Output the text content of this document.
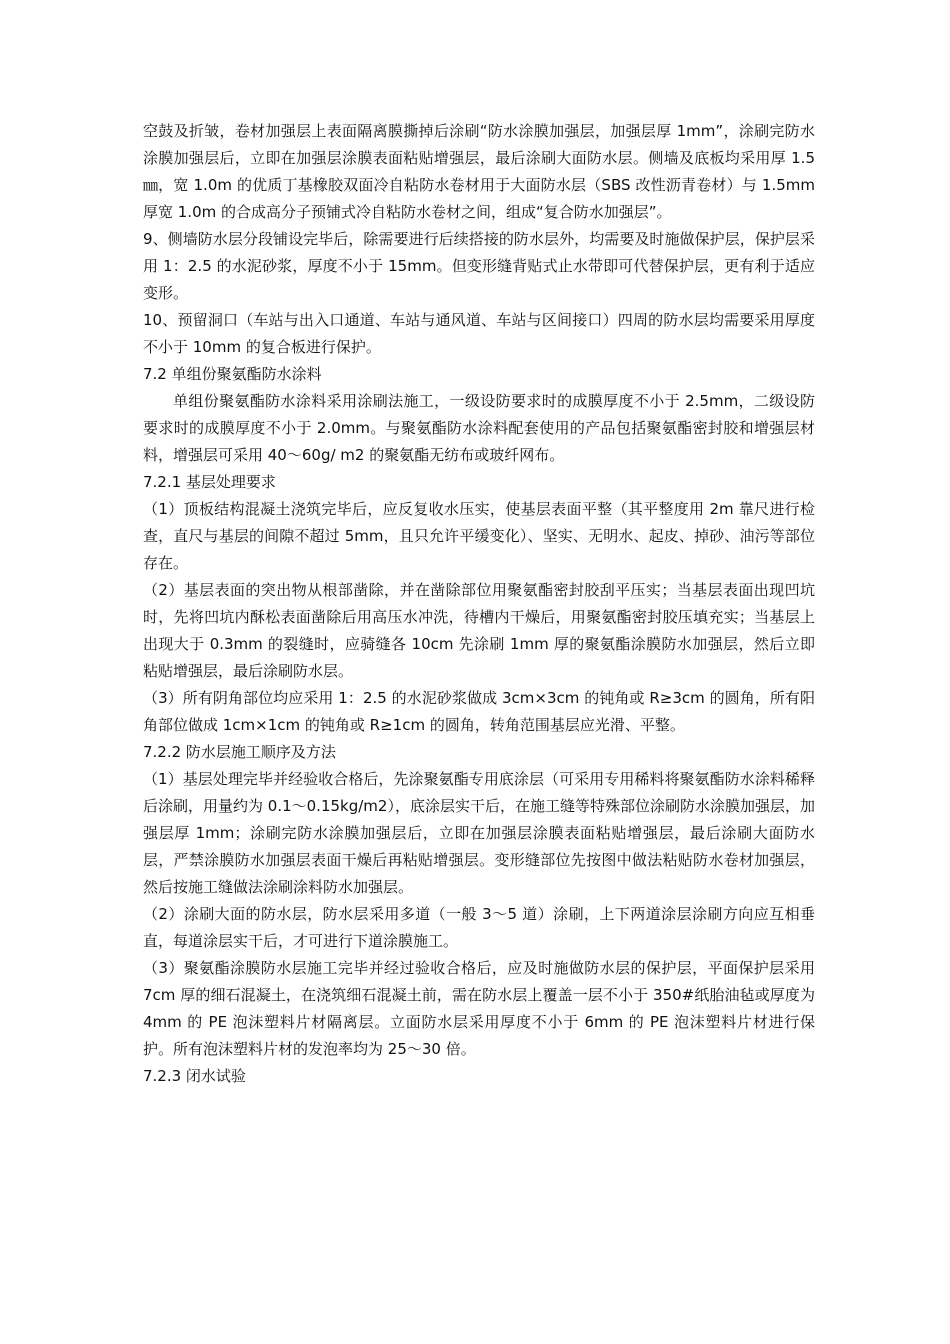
空鼓及折皱，卷材加强层上表面隔离膜撕掉后涂刷“防水涂膜加强层，加强层厚 1mm”，涂刷完防水涂膜加强层后，立即在加强层涂膜表面粘贴增强层，最后涂刷大面防水层。侧墙及底板均采用厚 1.5 ㎜，宽 1.0m 的优质丁基橡胶双面冷自粘防水卷材用于大面防水层（SBS 改性沥青卷材）与 1.5mm 厚宽 1.0m 的合成高分子预铺式冷自粘防水卷材之间，组成“复合防水加强层”。

9、侧墙防水层分段铺设完毕后，除需要进行后续搭接的防水层外，均需要及时施做保护层，保护层采用 1：2.5 的水泥砂浆，厚度不小于 15mm。但变形缝背贴式止水带即可代替保护层，更有利于适应变形。

10、预留洞口（车站与出入口通道、车站与通风道、车站与区间接口）四周的防水层均需要采用厚度不小于 10mm 的复合板进行保护。

7.2 单组份聚氨酯防水涂料

单组份聚氨酯防水涂料采用涂刷法施工，一级设防要求时的成膜厚度不小于 2.5mm，二级设防要求时的成膜厚度不小于 2.0mm。与聚氨酯防水涂料配套使用的产品包括聚氨酯密封胶和增强层材料，增强层可采用 40～60g/ m2 的聚氨酯无纺布或玻纤网布。

7.2.1 基层处理要求

（1）顶板结构混凝土浇筑完毕后，应反复收水压实，使基层表面平整（其平整度用 2m 靠尺进行检查，直尺与基层的间隙不超过 5mm，且只允许平缓变化）、坚实、无明水、起皮、掉砂、油污等部位存在。

（2）基层表面的突出物从根部凿除，并在凿除部位用聚氨酯密封胶刮平压实；当基层表面出现凹坑时，先将凹坑内酥松表面凿除后用高压水冲洗，待槽内干燥后，用聚氨酯密封胶压填充实；当基层上出现大于 0.3mm 的裂缝时，应骑缝各 10cm 先涂刷 1mm 厚的聚氨酯涂膜防水加强层，然后立即粘贴增强层，最后涂刷防水层。

（3）所有阴角部位均应采用 1：2.5 的水泥砂浆做成 3cm×3cm 的钝角或 R≥3cm 的圆角，所有阳角部位做成 1cm×1cm 的钝角或 R≥1cm 的圆角，转角范围基层应光滑、平整。

7.2.2 防水层施工顺序及方法

（1）基层处理完毕并经验收合格后，先涂聚氨酯专用底涂层（可采用专用稀料将聚氨酯防水涂料稀释后涂刷，用量约为 0.1～0.15kg/m2），底涂层实干后，在施工缝等特殊部位涂刷防水涂膜加强层，加强层厚 1mm；涂刷完防水涂膜加强层后，立即在加强层涂膜表面粘贴增强层，最后涂刷大面防水层，严禁涂膜防水加强层表面干燥后再粘贴增强层。变形缝部位先按图中做法粘贴防水卷材加强层，然后按施工缝做法涂刷涂料防水加强层。

（2）涂刷大面的防水层，防水层采用多道（一般 3～5 道）涂刷，上下两道涂层涂刷方向应互相垂直，每道涂层实干后，才可进行下道涂膜施工。

（3）聚氨酯涂膜防水层施工完毕并经过验收合格后，应及时施做防水层的保护层，平面保护层采用 7cm 厚的细石混凝土，在浇筑细石混凝土前，需在防水层上覆盖一层不小于 350#纸胎油毡或厚度为 4mm 的 PE 泡沫塑料片材隔离层。立面防水层采用厚度不小于 6mm 的 PE 泡沫塑料片材进行保护。所有泡沫塑料片材的发泡率均为 25～30 倍。

7.2.3 闭水试验
